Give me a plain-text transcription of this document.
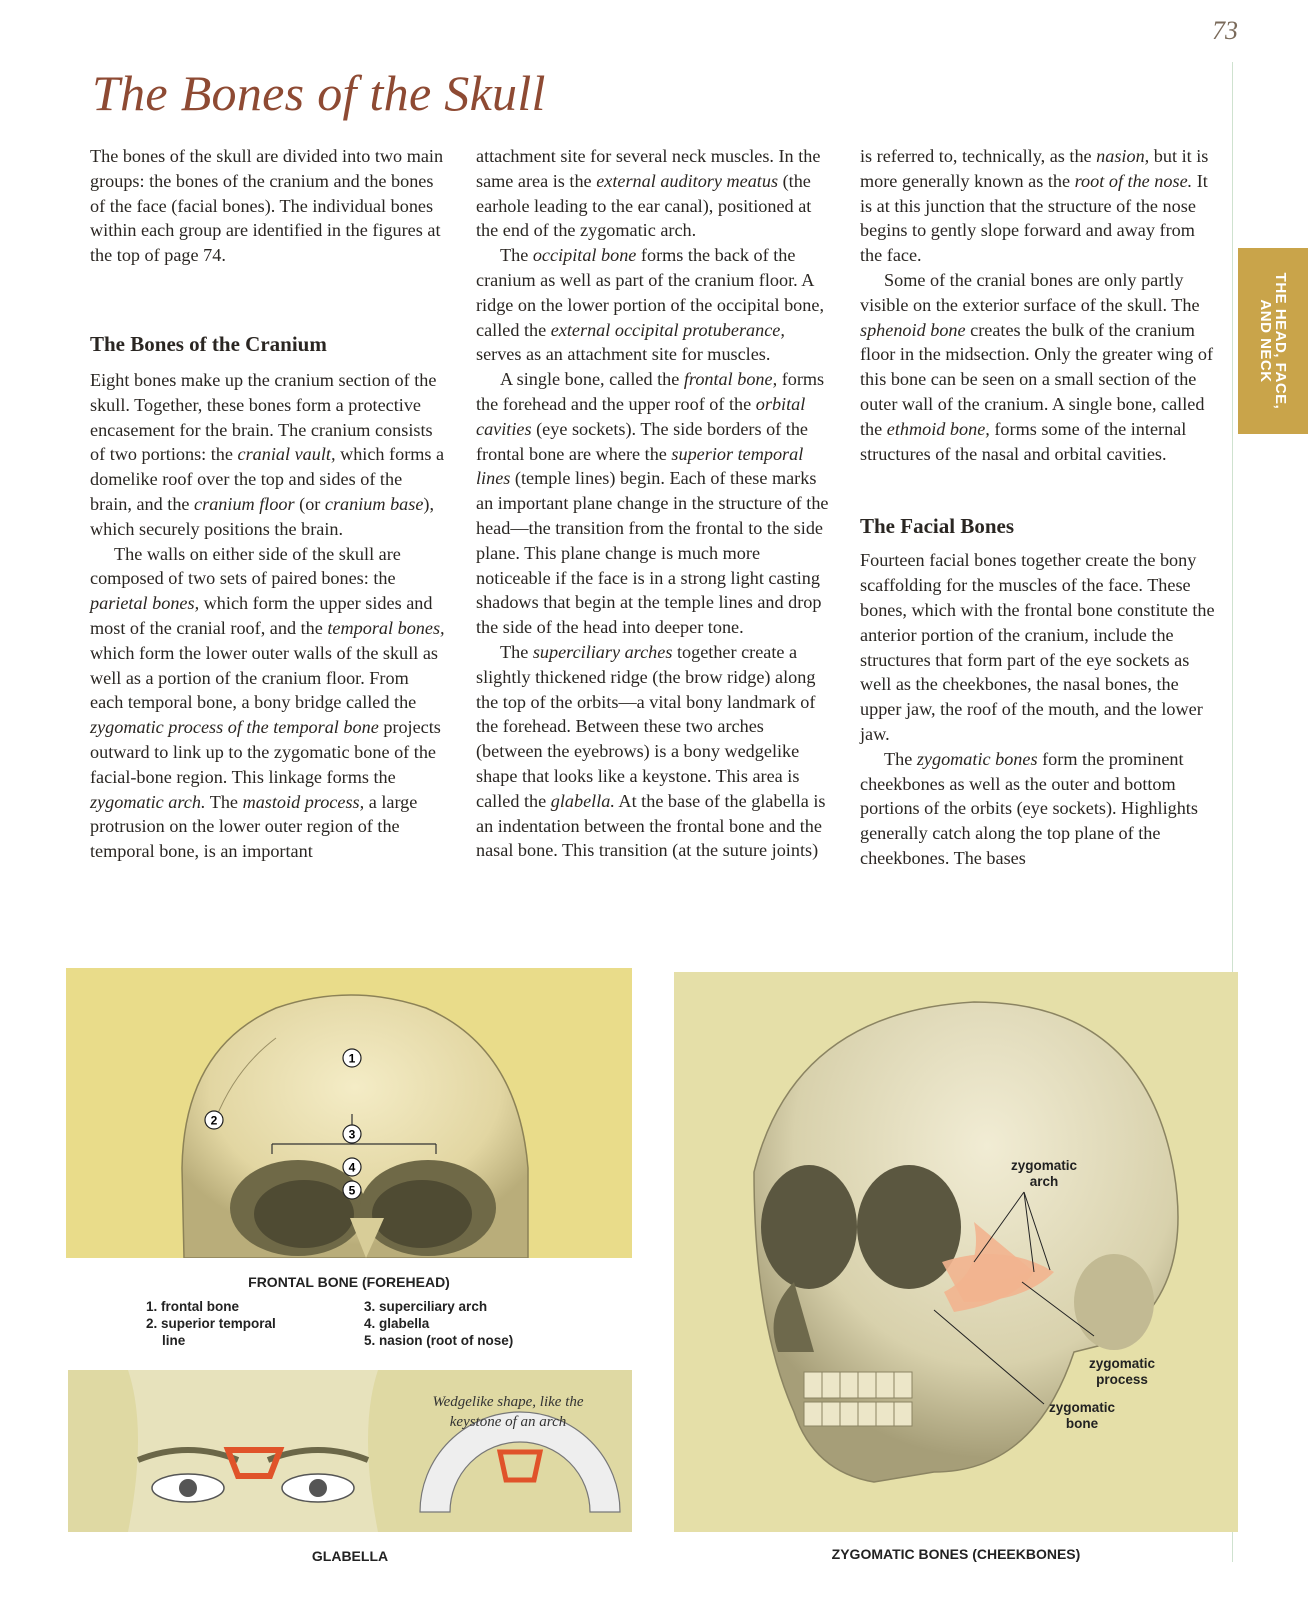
73
THE HEAD, FACE,
AND NECK
The Bones of the Skull

The bones of the skull are divided into two main groups: the bones of the cranium and the bones of the face (facial bones). The individual bones within each group are identified in the figures at the top of page 74.

The Bones of the Cranium

Eight bones make up the cranium section of the skull. Together, these bones form a protective encasement for the brain. The cranium consists of two portions: the cranial vault, which forms a domelike roof over the top and sides of the brain, and the cranium floor (or cranium base), which securely positions the brain.

The walls on either side of the skull are composed of two sets of paired bones: the parietal bones, which form the upper sides and most of the cranial roof, and the temporal bones, which form the lower outer walls of the skull as well as a portion of the cranium floor. From each temporal bone, a bony bridge called the zygomatic process of the temporal bone projects outward to link up to the zygomatic bone of the facial-bone region. This linkage forms the zygomatic arch. The mastoid process, a large protrusion on the lower outer region of the temporal bone, is an important

attachment site for several neck muscles. In the same area is the external auditory meatus (the earhole leading to the ear canal), positioned at the end of the zygomatic arch.

The occipital bone forms the back of the cranium as well as part of the cranium floor. A ridge on the lower portion of the occipital bone, called the external occipital protuberance, serves as an attachment site for muscles.

A single bone, called the frontal bone, forms the forehead and the upper roof of the orbital cavities (eye sockets). The side borders of the frontal bone are where the superior temporal lines (temple lines) begin. Each of these marks an important plane change in the structure of the head—the transition from the frontal to the side plane. This plane change is much more noticeable if the face is in a strong light casting shadows that begin at the temple lines and drop the side of the head into deeper tone.

The superciliary arches together create a slightly thickened ridge (the brow ridge) along the top of the orbits—a vital bony landmark of the forehead. Between these two arches (between the eyebrows) is a bony wedgelike shape that looks like a keystone. This area is called the glabella. At the base of the glabella is an indentation between the frontal bone and the nasal bone. This transition (at the suture joints)

is referred to, technically, as the nasion, but it is more generally known as the root of the nose. It is at this junction that the structure of the nose begins to gently slope forward and away from the face.

Some of the cranial bones are only partly visible on the exterior surface of the skull. The sphenoid bone creates the bulk of the cranium floor in the midsection. Only the greater wing of this bone can be seen on a small section of the outer wall of the cranium. A single bone, called the ethmoid bone, forms some of the internal structures of the nasal and orbital cavities.

The Facial Bones

Fourteen facial bones together create the bony scaffolding for the muscles of the face. These bones, which with the frontal bone constitute the anterior portion of the cranium, include the structures that form part of the eye sockets as well as the cheekbones, the nasal bones, the upper jaw, the roof of the mouth, and the lower jaw.

The zygomatic bones form the prominent cheekbones as well as the outer and bottom portions of the orbits (eye sockets). Highlights generally catch along the top plane of the cheekbones. The bases

1
2
3
4
5
FRONTAL BONE (FOREHEAD)
1. frontal bone
2. superior temporal
line
3. superciliary arch
4. glabella
5. nasion (root of nose)
Wedgelike shape, like the
keystone of an arch
GLABELLA
zygomatic
arch
zygomatic
process
zygomatic
bone
ZYGOMATIC BONES (CHEEKBONES)
